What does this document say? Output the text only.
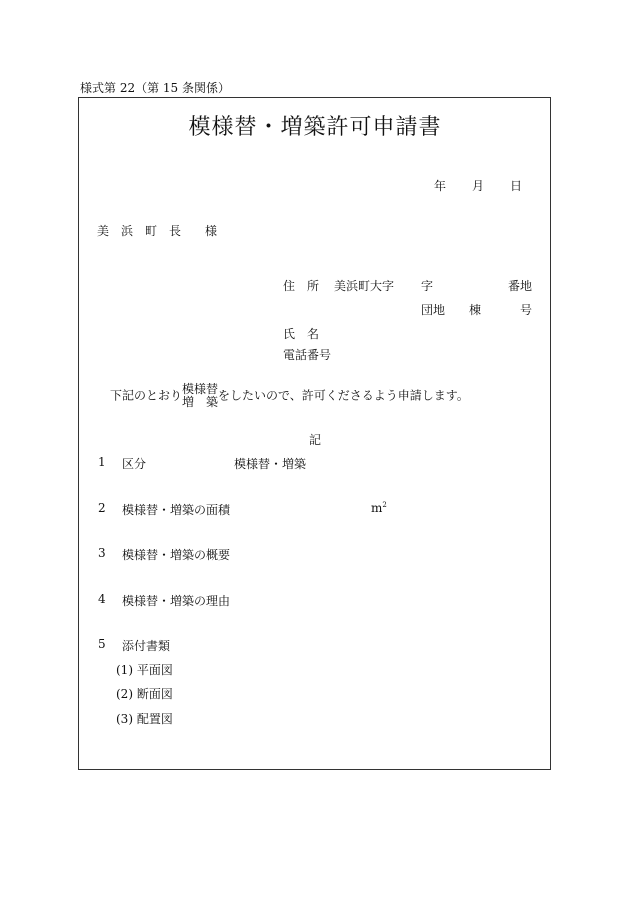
様式第 22（第 15 条関係）
模様替・増築許可申請書
年 月 日
美　浜　町　長　　様
住　所 美浜町大字 字	番地
団地 棟	号
氏　名
電話番号
下記のとおり模様替
増　築をしたいので、許可くださるよう申請します。
記
1 区分	模様替・増築
2 模様替・増築の面積	$m^2$
3 模様替・増築の概要
4 模様替・増築の理由
5 添付書類
(1) 平面図
(2) 断面図
(3) 配置図
